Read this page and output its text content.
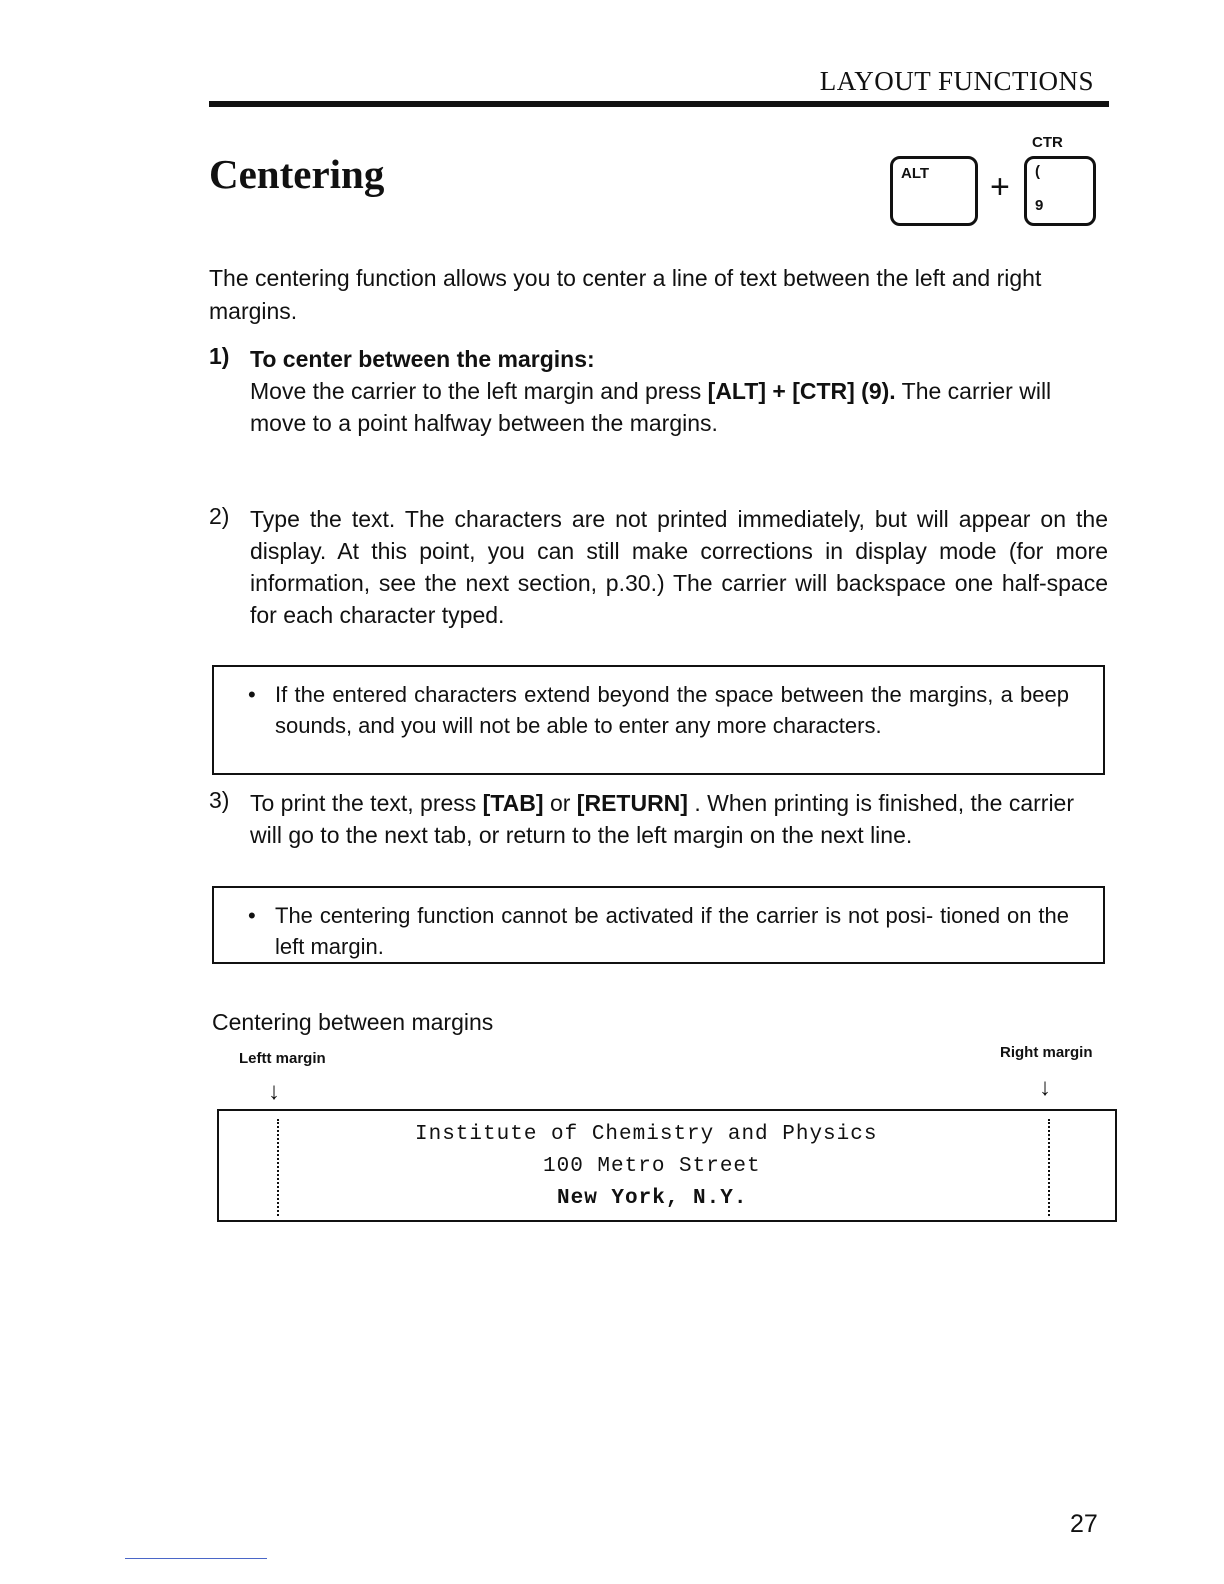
LAYOUT FUNCTIONS
Centering
CTR
ALT + (
9
The centering function allows you to center a line of text between the left and right margins.
1) To center between the margins:
Move the carrier to the left margin and press [ALT] + [CTR] (9). The carrier will move to a point halfway between the margins.
2) Type the text. The characters are not printed immediately, but will appear on the display. At this point, you can still make corrections in display mode (for more information, see the next section, p.30.) The carrier will backspace one half-space for each character typed.
• If the entered characters extend beyond the space between the margins, a beep sounds, and you will not be able to enter any more characters.
3) To print the text, press [TAB] or [RETURN] . When printing is finished, the carrier will go to the next tab, or return to the left margin on the next line.
• The centering function cannot be activated if the carrier is not posi- tioned on the left margin.
Centering between margins
Leftt margin	Right margin
↓	↓
Institute of Chemistry and Physics
100 Metro Street
New York, N.Y.
27
